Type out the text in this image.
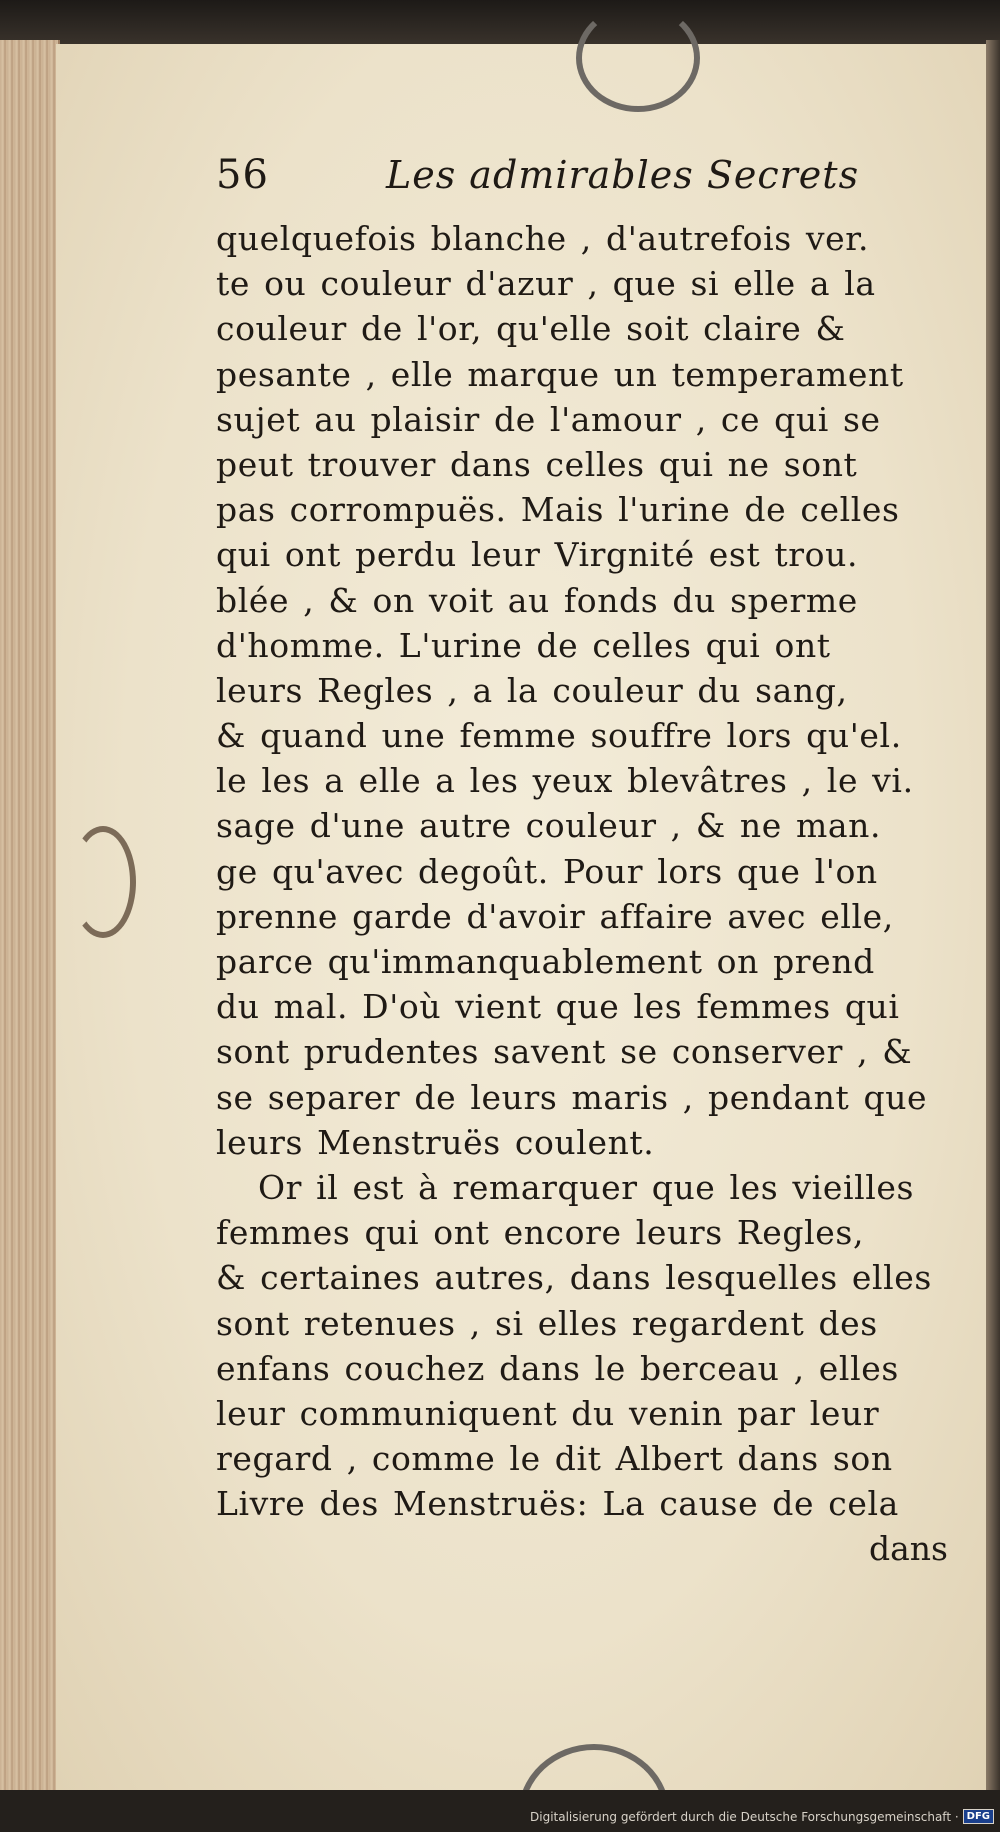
56	Les admirables Secrets
quelquefois blanche , d'autrefois ver.
te ou couleur d'azur , que si elle a la
couleur de l'or, qu'elle soit claire &
pesante , elle marque un temperament
sujet au plaisir de l'amour , ce qui se
peut trouver dans celles qui ne sont
pas corrompuës. Mais l'urine de celles
qui ont perdu leur Virgnité est trou.
blée , & on voit au fonds du sperme
d'homme. L'urine de celles qui ont
leurs Regles , a la couleur du sang,
& quand une femme souffre lors qu'el.
le les a elle a les yeux blevâtres , le vi.
sage d'une autre couleur , & ne man.
ge qu'avec degoût. Pour lors que l'on
prenne garde d'avoir affaire avec elle,
parce qu'immanquablement on prend
du mal. D'où vient que les femmes qui
sont prudentes savent se conserver , &
se separer de leurs maris , pendant que
leurs Menstruës coulent.
Or il est à remarquer que les vieilles
femmes qui ont encore leurs Regles,
& certaines autres, dans lesquelles elles
sont retenues , si elles regardent des
enfans couchez dans le berceau , elles
leur communiquent du venin par leur
regard , comme le dit Albert dans son
Livre des Menstruës: La cause de cela
dans
Digitalisierung gefördert durch die Deutsche Forschungsgemeinschaft · DFG
